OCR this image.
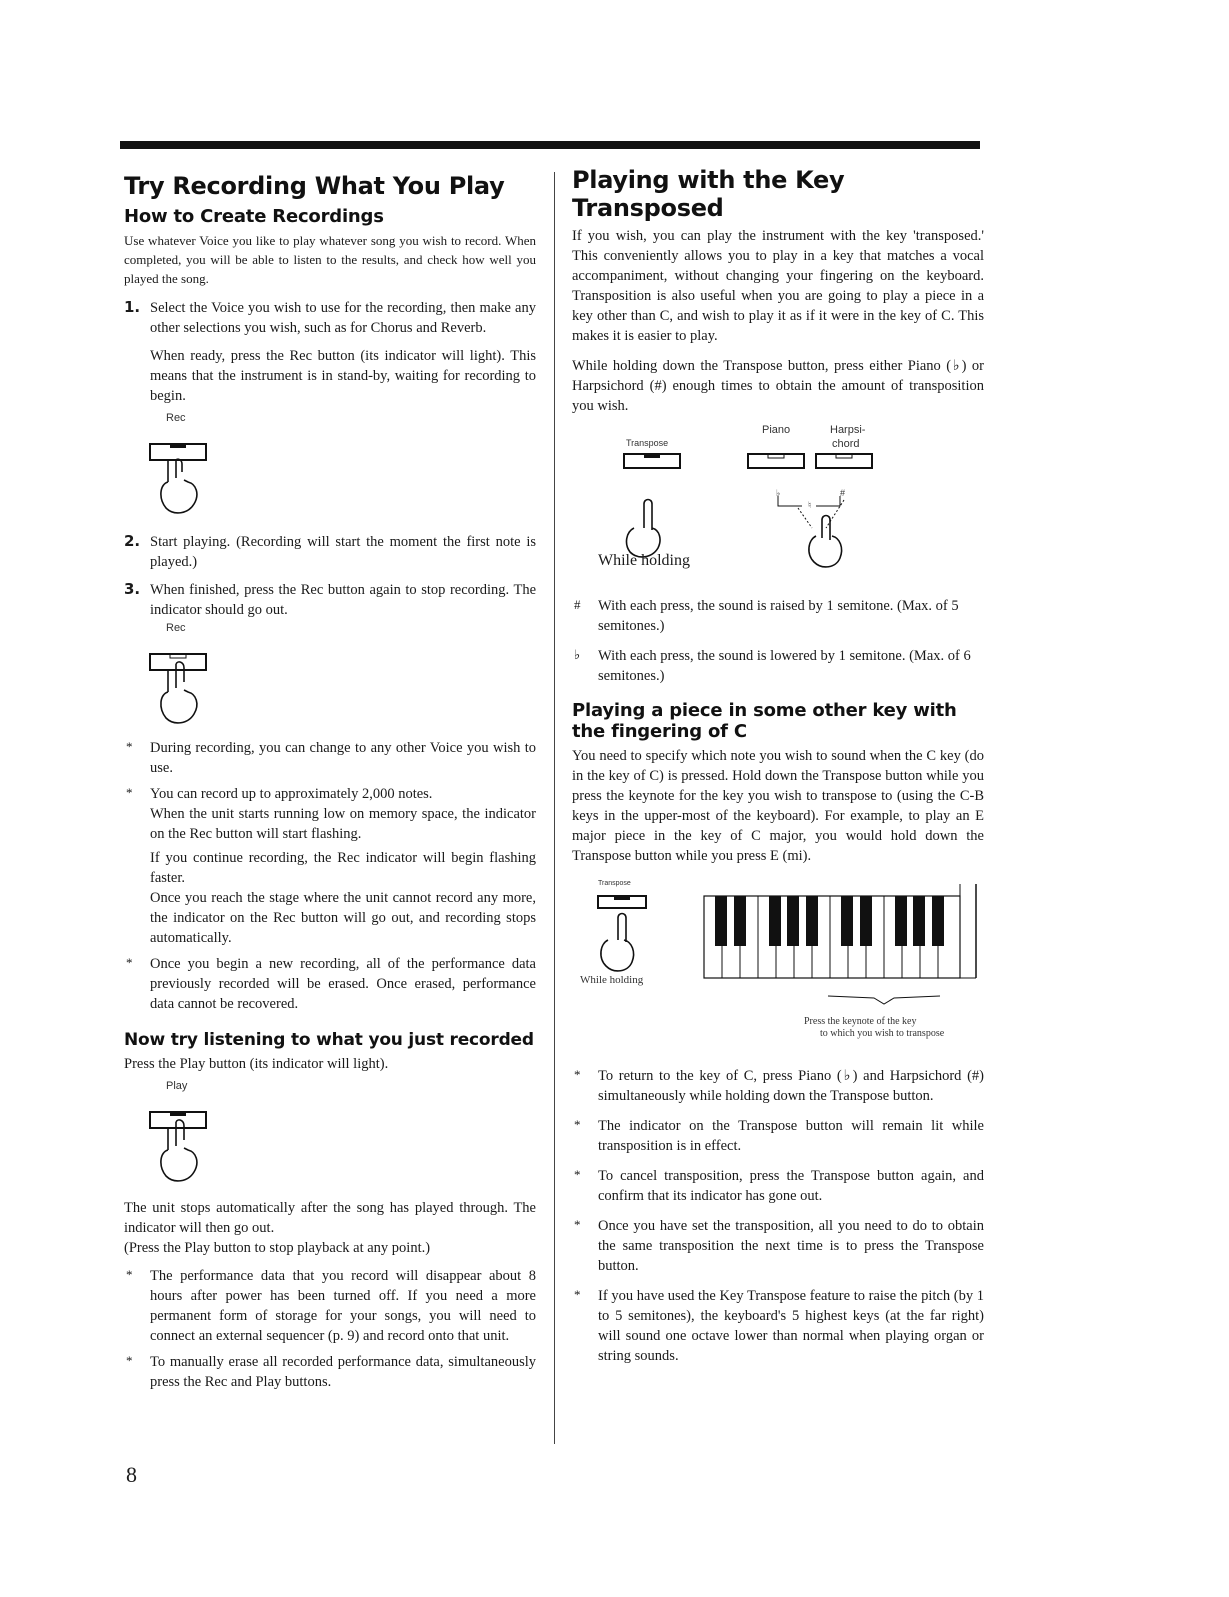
Try Recording What You Play
How to Create Recordings

Use whatever Voice you like to play whatever song you wish to record. When completed, you will be able to listen to the results, and check how well you played the song.

1. Select the Voice you wish to use for the recording, then make any other selections you wish, such as for Chorus and Reverb.

When ready, press the Rec button (its indicator will light). This means that the instrument is in stand-by, waiting for recording to begin.

Rec
2. Start playing. (Recording will start the moment the first note is played.)

3. When finished, press the Rec button again to stop recording. The indicator should go out.

Rec
* During recording, you can change to any other Voice you wish to use.

* You can record up to approximately 2,000 notes.

When the unit starts running low on memory space, the indicator on the Rec button will start flashing.

If you continue recording, the Rec indicator will begin flashing faster.

Once you reach the stage where the unit cannot record any more, the indicator on the Rec button will go out, and recording stops automatically.

* Once you begin a new recording, all of the performance data previously recorded will be erased. Once erased, performance data cannot be recovered.

Now try listening to what you just recorded

Press the Play button (its indicator will light).

Play

The unit stops automatically after the song has played through. The indicator will then go out.

(Press the Play button to stop playback at any point.)

* The performance data that you record will disappear about 8 hours after power has been turned off. If you need a more permanent form of storage for your songs, you will need to connect an external sequencer (p. 9) and record onto that unit.

* To manually erase all recorded performance data, simultaneously press the Rec and Play buttons.

Playing with the Key Transposed

If you wish, you can play the instrument with the key 'transposed.' This conveniently allows you to play in a key that matches a vocal accompaniment, without changing your fingering on the keyboard. Transposition is also useful when you are going to play a piece in a key other than C, and wish to play it as if it were in the key of C. This makes it is easier to play.

While holding down the Transpose button, press either Piano (♭) or Harpsichord (#) enough times to obtain the amount of transposition you wish.

Transpose
Piano	Harpsi-
chord
♭	#
♮
While holding
# With each press, the sound is raised by 1 semitone. (Max. of 5 semitones.)

♭ With each press, the sound is lowered by 1 semitone. (Max. of 6 semitones.)

Playing a piece in some other key with the fingering of C

You need to specify which note you wish to sound when the C key (do in the key of C) is pressed. Hold down the Transpose button while you press the keynote for the key you wish to transpose to (using the C-B keys in the upper-most of the keyboard). For example, to play an E major piece in the key of C major, you would hold down the Transpose button while you press E (mi).

Transpose
While holding
Press the keynote of the key
to which you wish to transpose
* To return to the key of C, press Piano (♭) and Harpsichord (#) simultaneously while holding down the Transpose button.

* The indicator on the Transpose button will remain lit while transposition is in effect.

* To cancel transposition, press the Transpose button again, and confirm that its indicator has gone out.

* Once you have set the transposition, all you need to do to obtain the same transposition the next time is to press the Transpose button.

* If you have used the Key Transpose feature to raise the pitch (by 1 to 5 semitones), the keyboard's 5 highest keys (at the far right) will sound one octave lower than normal when playing organ or string sounds.

8
